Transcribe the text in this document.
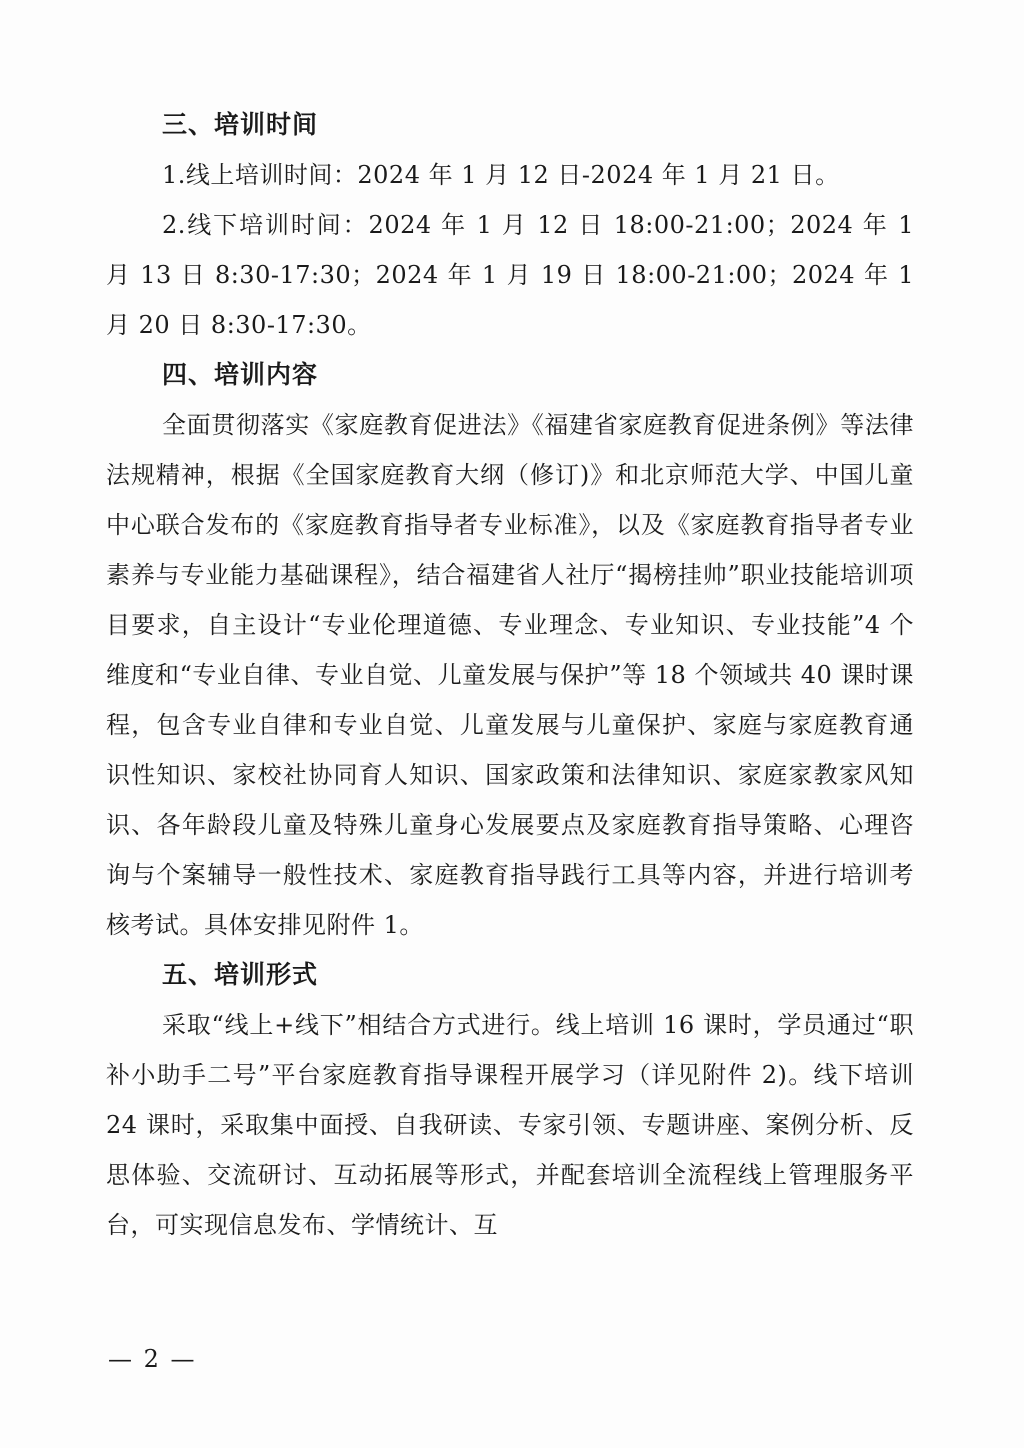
三、培训时间

1.线上培训时间：2024 年 1 月 12 日-2024 年 1 月 21 日。

2.线下培训时间：2024 年 1 月 12 日 18:00-21:00；2024 年 1 月 13 日 8:30-17:30；2024 年 1 月 19 日 18:00-21:00；2024 年 1 月 20 日 8:30-17:30。

四、培训内容

全面贯彻落实《家庭教育促进法》《福建省家庭教育促进条例》等法律法规精神，根据《全国家庭教育大纲（修订)》和北京师范大学、中国儿童中心联合发布的《家庭教育指导者专业标准》，以及《家庭教育指导者专业素养与专业能力基础课程》，结合福建省人社厅“揭榜挂帅”职业技能培训项目要求，自主设计“专业伦理道德、专业理念、专业知识、专业技能”4 个维度和“专业自律、专业自觉、儿童发展与保护”等 18 个领域共 40 课时课程，包含专业自律和专业自觉、儿童发展与儿童保护、家庭与家庭教育通识性知识、家校社协同育人知识、国家政策和法律知识、家庭家教家风知识、各年龄段儿童及特殊儿童身心发展要点及家庭教育指导策略、心理咨询与个案辅导一般性技术、家庭教育指导践行工具等内容，并进行培训考核考试。具体安排见附件 1。

五、培训形式

采取“线上+线下”相结合方式进行。线上培训 16 课时，学员通过“职补小助手二号”平台家庭教育指导课程开展学习（详见附件 2)。线下培训 24 课时，采取集中面授、自我研读、专家引领、专题讲座、案例分析、反思体验、交流研讨、互动拓展等形式，并配套培训全流程线上管理服务平台，可实现信息发布、学情统计、互

— 2 —
